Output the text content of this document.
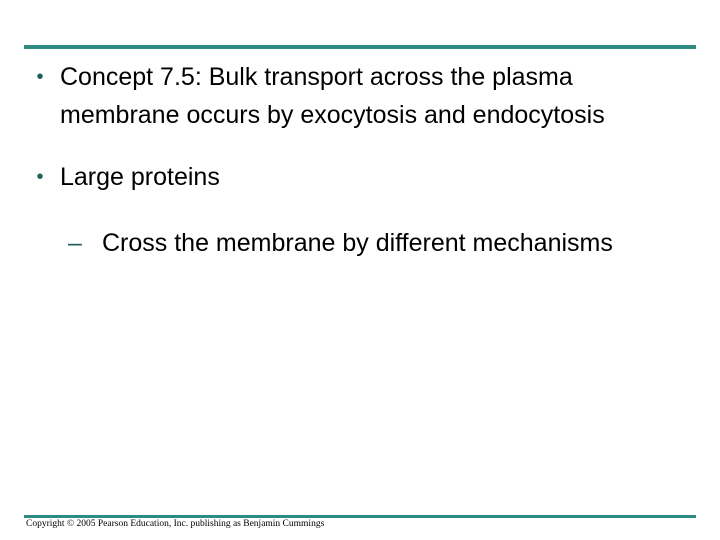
• Concept 7.5: Bulk transport across the plasma membrane occurs by exocytosis and endocytosis
• Large proteins
– Cross the membrane by different mechanisms
Copyright © 2005 Pearson Education, Inc. publishing as Benjamin Cummings
